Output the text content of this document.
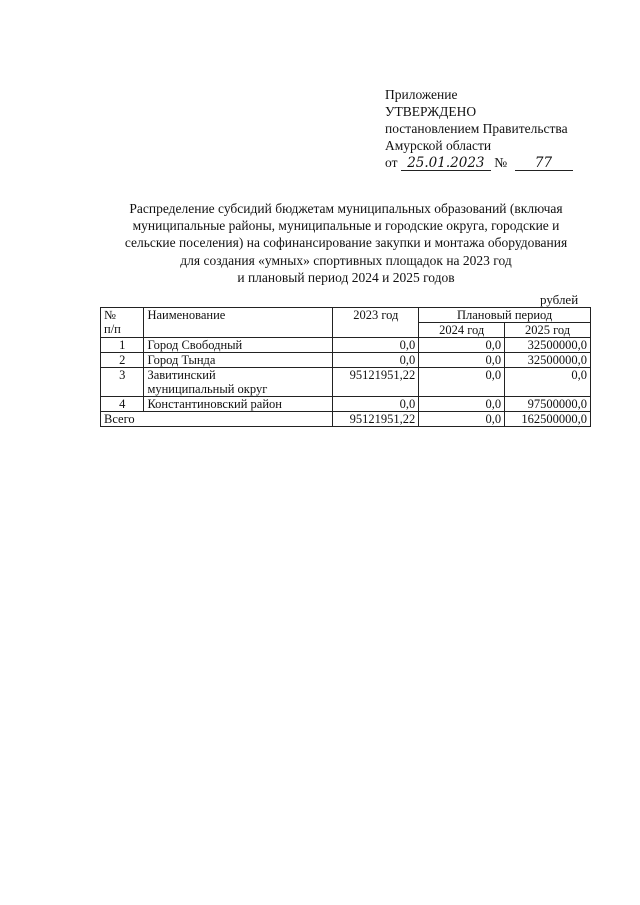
Приложение
УТВЕРЖДЕНО
постановлением Правительства
Амурской области
от 25.01.2023 № 77
Распределение субсидий бюджетам муниципальных образований (включая
муниципальные районы, муниципальные и городские округа, городские и
сельские поселения) на софинансирование закупки и монтажа оборудования
для создания «умных» спортивных площадок на 2023 год
и плановый период 2024 и 2025 годов
рублей
№
п/п	Наименование	2023 год	Плановый период	
			2024 год	2025 год
1	Город Свободный	0,0	0,0	32500000,0
2	Город Тында	0,0	0,0	32500000,0
3	Завитинский
муниципальный округ	95121951,22	0,0	0,0
4	Константиновский район	0,0	0,0	97500000,0
Всего		95121951,22	0,0	162500000,0
